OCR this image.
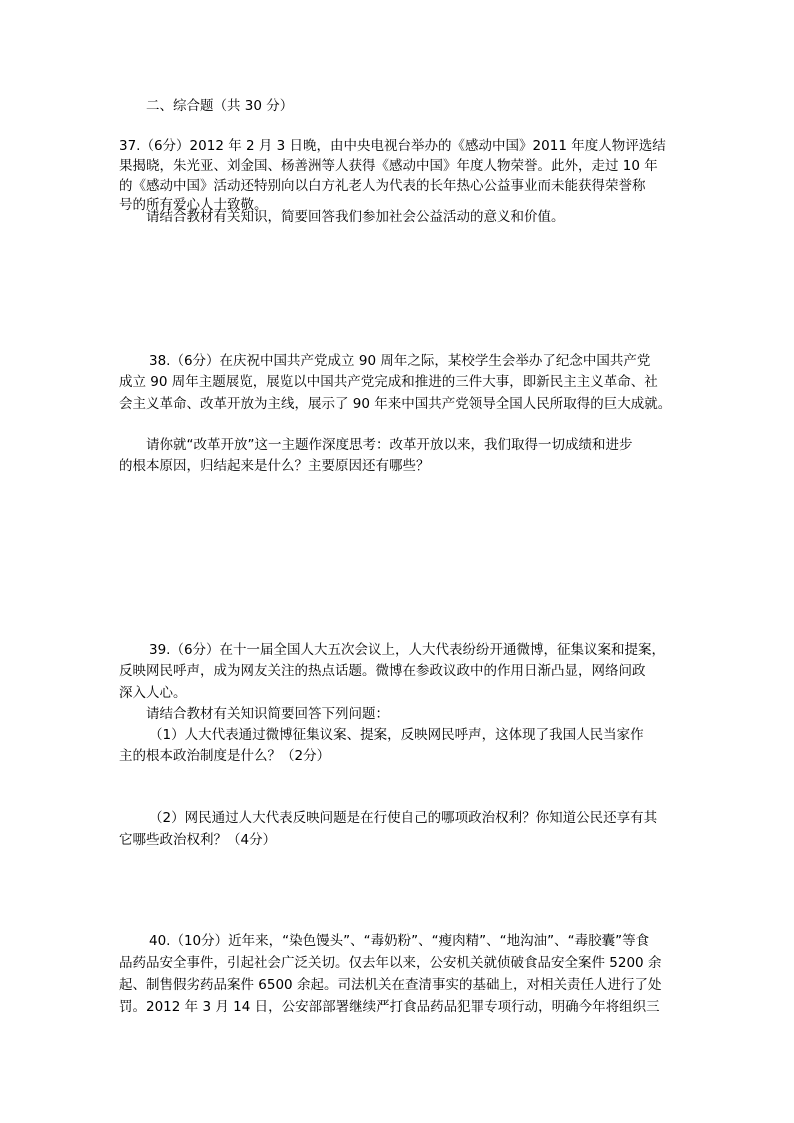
二、综合题（共 30 分）
37.（6分）2012 年 2 月 3 日晚，由中央电视台举办的《感动中国》2011 年度人物评选结
果揭晓，朱光亚、刘金国、杨善洲等人获得《感动中国》年度人物荣誉。此外，走过 10 年
的《感动中国》活动还特别向以白方礼老人为代表的长年热心公益事业而未能获得荣誉称
号的所有爱心人士致敬。
请结合教材有关知识，简要回答我们参加社会公益活动的意义和价值。
38.（6分）在庆祝中国共产党成立 90 周年之际，某校学生会举办了纪念中国共产党
成立 90 周年主题展览，展览以中国共产党完成和推进的三件大事，即新民主主义革命、社
会主义革命、改革开放为主线，展示了 90 年来中国共产党领导全国人民所取得的巨大成就。
请你就“改革开放”这一主题作深度思考：改革开放以来，我们取得一切成绩和进步
的根本原因，归结起来是什么？主要原因还有哪些？
39.（6分）在十一届全国人大五次会议上，人大代表纷纷开通微博，征集议案和提案，
反映网民呼声，成为网友关注的热点话题。微博在参政议政中的作用日渐凸显，网络问政
深入人心。
请结合教材有关知识简要回答下列问题：
（1）人大代表通过微博征集议案、提案，反映网民呼声，这体现了我国人民当家作
主的根本政治制度是什么？（2分）
（2）网民通过人大代表反映问题是在行使自己的哪项政治权利？你知道公民还享有其
它哪些政治权利？（4分）
40.（10分）近年来，“染色馒头”、“毒奶粉”、“瘦肉精”、“地沟油”、“毒胶囊”等食
品药品安全事件，引起社会广泛关切。仅去年以来，公安机关就侦破食品安全案件 5200 余
起、制售假劣药品案件 6500 余起。司法机关在查清事实的基础上，对相关责任人进行了处
罚。2012 年 3 月 14 日，公安部部署继续严打食品药品犯罪专项行动，明确今年将组织三
